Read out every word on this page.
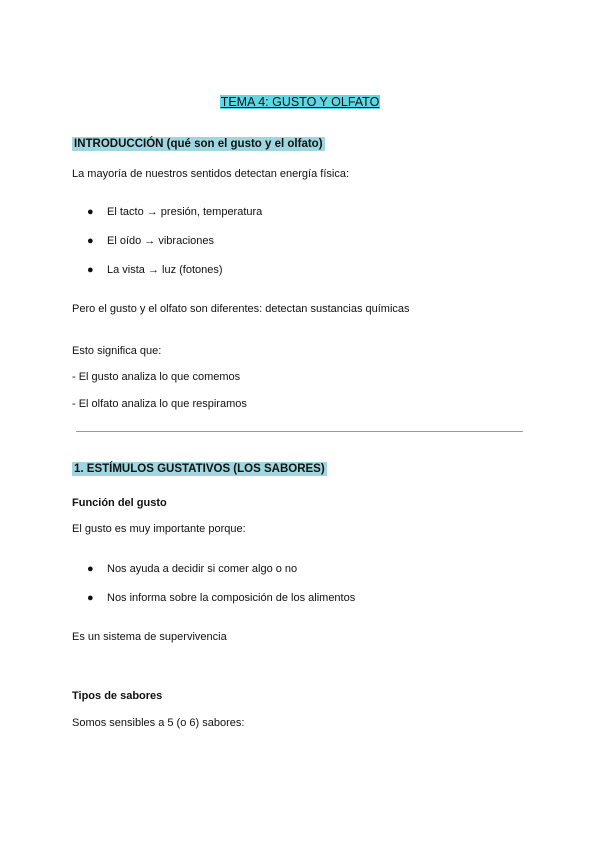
TEMA 4: GUSTO Y OLFATO
INTRODUCCIÓN (qué son el gusto y el olfato)
La mayoría de nuestros sentidos detectan energía física:
● El tacto → presión, temperatura
● El oído → vibraciones
● La vista → luz (fotones)
Pero el gusto y el olfato son diferentes: detectan sustancias químicas
Esto significa que:
- El gusto analiza lo que comemos
- El olfato analiza lo que respiramos
1. ESTÍMULOS GUSTATIVOS (LOS SABORES)
Función del gusto
El gusto es muy importante porque:
● Nos ayuda a decidir si comer algo o no
● Nos informa sobre la composición de los alimentos
Es un sistema de supervivencia
Tipos de sabores
Somos sensibles a 5 (o 6) sabores:
